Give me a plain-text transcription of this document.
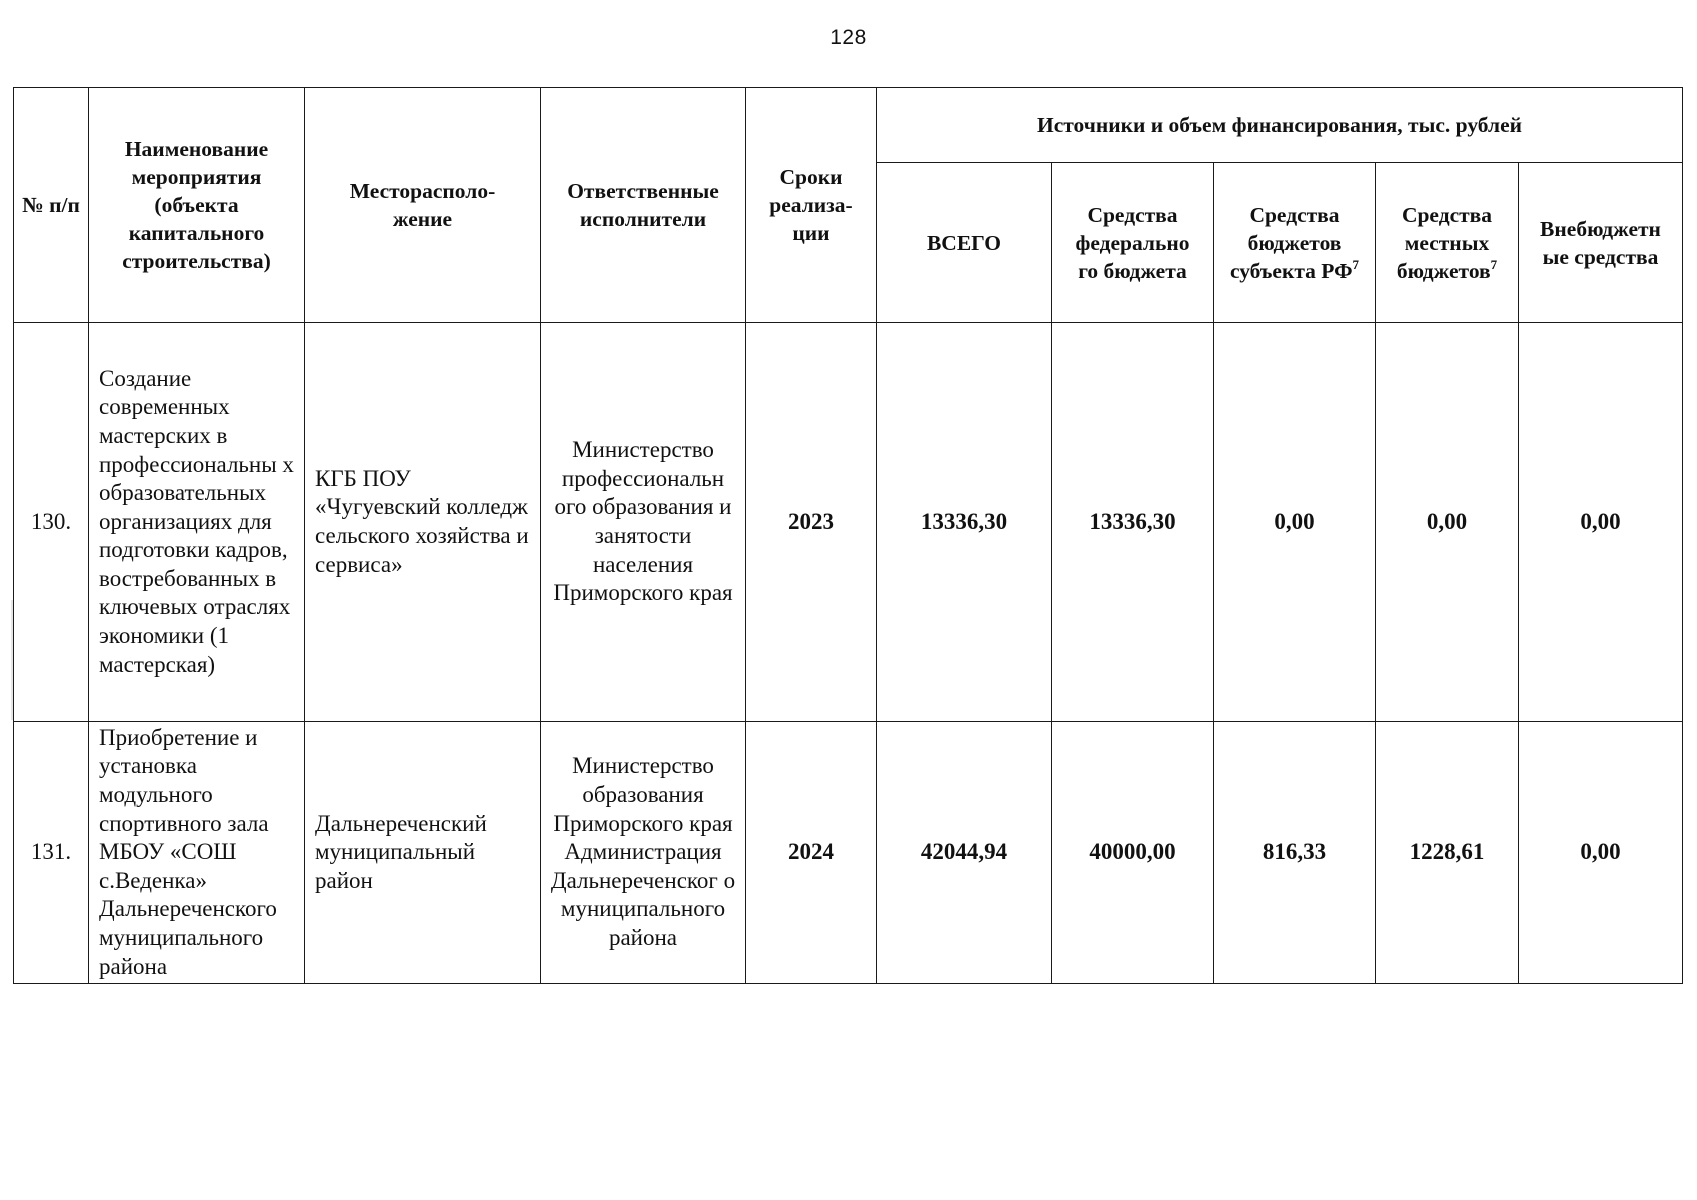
128
№ п/п	Наименование мероприятия (объекта капитального строительства)	Месторасполо-жение	Ответственные исполнители	Сроки реализа-ции	Источники и объем финансирования, тыс. рублей				
					ВСЕГО	Средства федерально го бюджета	Средства бюджетов субъекта $РФ^7$	Средства местных бюджетов$^7$	Внебюджетн ые средства
130.	Создание современных мастерских в профессиональны х образовательных организациях для подготовки кадров, востребованных в ключевых отраслях экономики (1 мастерская)	КГБ ПОУ «Чугуевский колледж сельского хозяйства и сервиса»	Министерство профессиональн ого образования и занятости населения Приморского края	2023	13336,30	13336,30	0,00	0,00	0,00
131.	Приобретение и установка модульного спортивного зала МБОУ «СОШ с.Веденка» Дальнереченского муниципального района	Дальнереченский муниципальный район	Министерство образования Приморского края Администрация Дальнереченског о муниципального района	2024	42044,94	40000,00	816,33	1228,61	0,00
